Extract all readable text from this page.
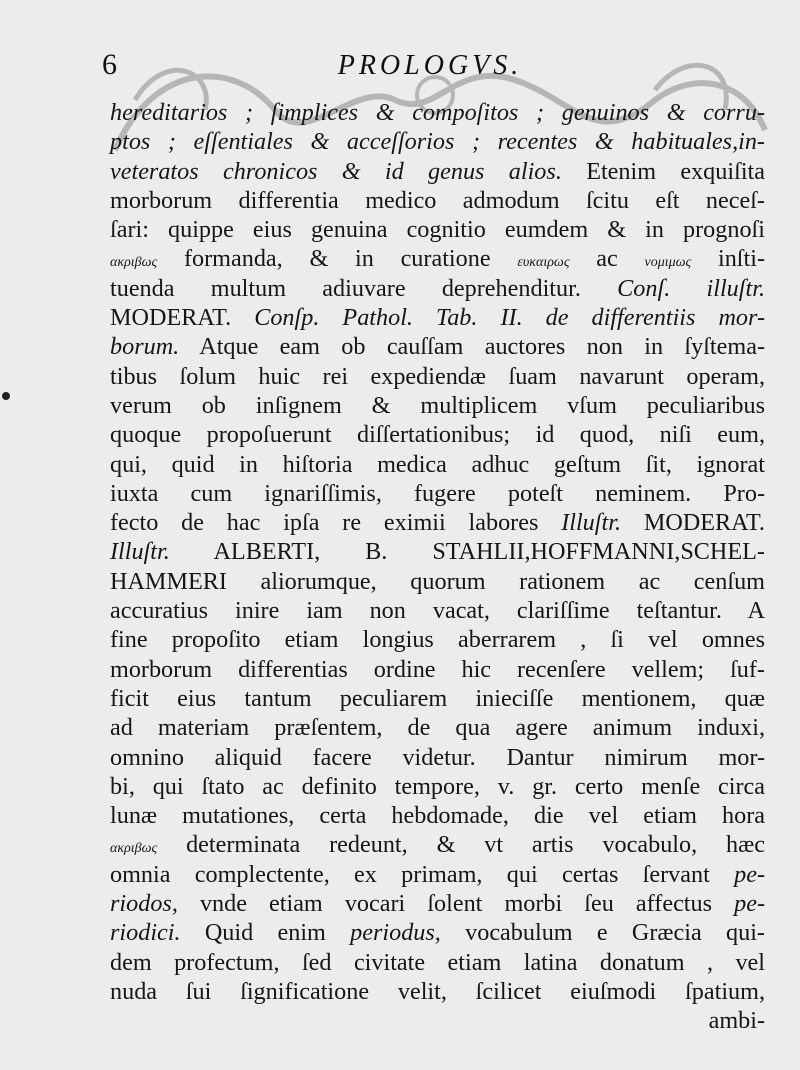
6	PROLOGVS.
hereditarios ; ſimplices & compoſitos ; genuinos & corru-
ptos ; eſſentiales & acceſſorios ; recentes & habituales,in-
veteratos chronicos & id genus alios. Etenim exquiſita
morborum differentia medico admodum ſcitu eſt neceſ-
ſari: quippe eius genuina cognitio eumdem & in prognoſi
ακριβως formanda, & in curatione ευκαιρως ac νομιμως inſti-
tuenda multum adiuvare deprehenditur. Conſ. illuſtr.
MODERAT. Conſp. Pathol. Tab. II. de differentiis mor-
borum. Atque eam ob cauſſam auctores non in ſyſtema-
tibus ſolum huic rei expediendæ ſuam navarunt operam,
verum ob inſignem & multiplicem vſum peculiaribus
quoque propoſuerunt diſſertationibus; id quod, niſi eum,
qui, quid in hiſtoria medica adhuc geſtum ſit, ignorat
iuxta cum ignariſſimis, fugere poteſt neminem. Pro-
fecto de hac ipſa re eximii labores Illuſtr. MODERAT.
Illuſtr. ALBERTI, B. STAHLII,HOFFMANNI,SCHEL-
HAMMERI aliorumque, quorum rationem ac cenſum
accuratius inire iam non vacat, clariſſime teſtantur. A
fine propoſito etiam longius aberrarem , ſi vel omnes
morborum differentias ordine hic recenſere vellem; ſuf-
ficit eius tantum peculiarem inieciſſe mentionem, quæ
ad materiam præſentem, de qua agere animum induxi,
omnino aliquid facere videtur. Dantur nimirum mor-
bi, qui ſtato ac definito tempore, v. gr. certo menſe circa
lunæ mutationes, certa hebdomade, die vel etiam hora
ακριβως determinata redeunt, & vt artis vocabulo, hæc
omnia complectente, ex primam, qui certas ſervant pe-
riodos, vnde etiam vocari ſolent morbi ſeu affectus pe-
riodici. Quid enim periodus, vocabulum e Græcia qui-
dem profectum, ſed civitate etiam latina donatum , vel
nuda ſui ſignificatione velit, ſcilicet eiuſmodi ſpatium,
ambi-
